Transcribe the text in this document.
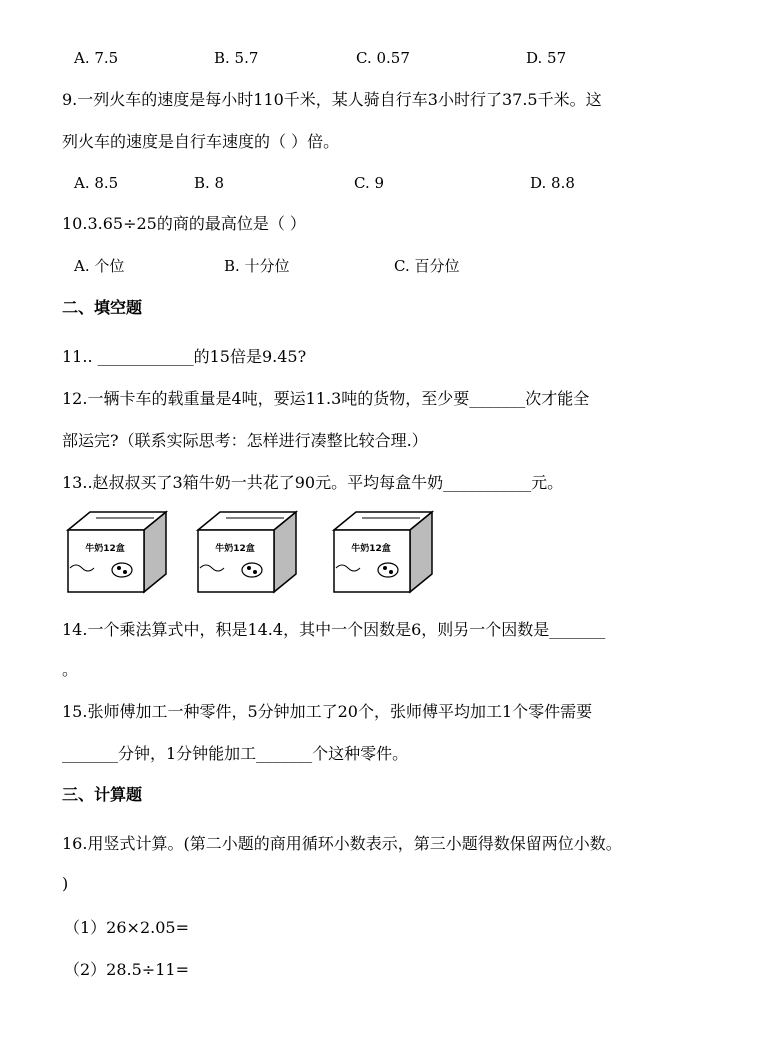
A. 7.5	B. 5.7	C. 0.57	D. 57
9.一列火车的速度是每小时110千米，某人骑自行车3小时行了37.5千米。这
列火车的速度是自行车速度的（ ）倍。
A. 8.5	B. 8	C. 9	D. 8.8
10.3.65÷25的商的最高位是（ ）
A. 个位	B. 十分位	C. 百分位
二、填空题
11.. ____________的15倍是9.45?
12.一辆卡车的载重量是4吨，要运11.3吨的货物，至少要_______次才能全
部运完?（联系实际思考：怎样进行凑整比较合理.）
13..赵叔叔买了3箱牛奶一共花了90元。平均每盒牛奶___________元。
牛奶12盒	牛奶12盒	牛奶12盒
14.一个乘法算式中，积是14.4，其中一个因数是6，则另一个因数是_______
。
15.张师傅加工一种零件，5分钟加工了20个，张师傅平均加工1个零件需要
_______分钟，1分钟能加工_______个这种零件。
三、计算题
16.用竖式计算。(第二小题的商用循环小数表示，第三小题得数保留两位小数。
)
（1）26×2.05=
（2）28.5÷11=
